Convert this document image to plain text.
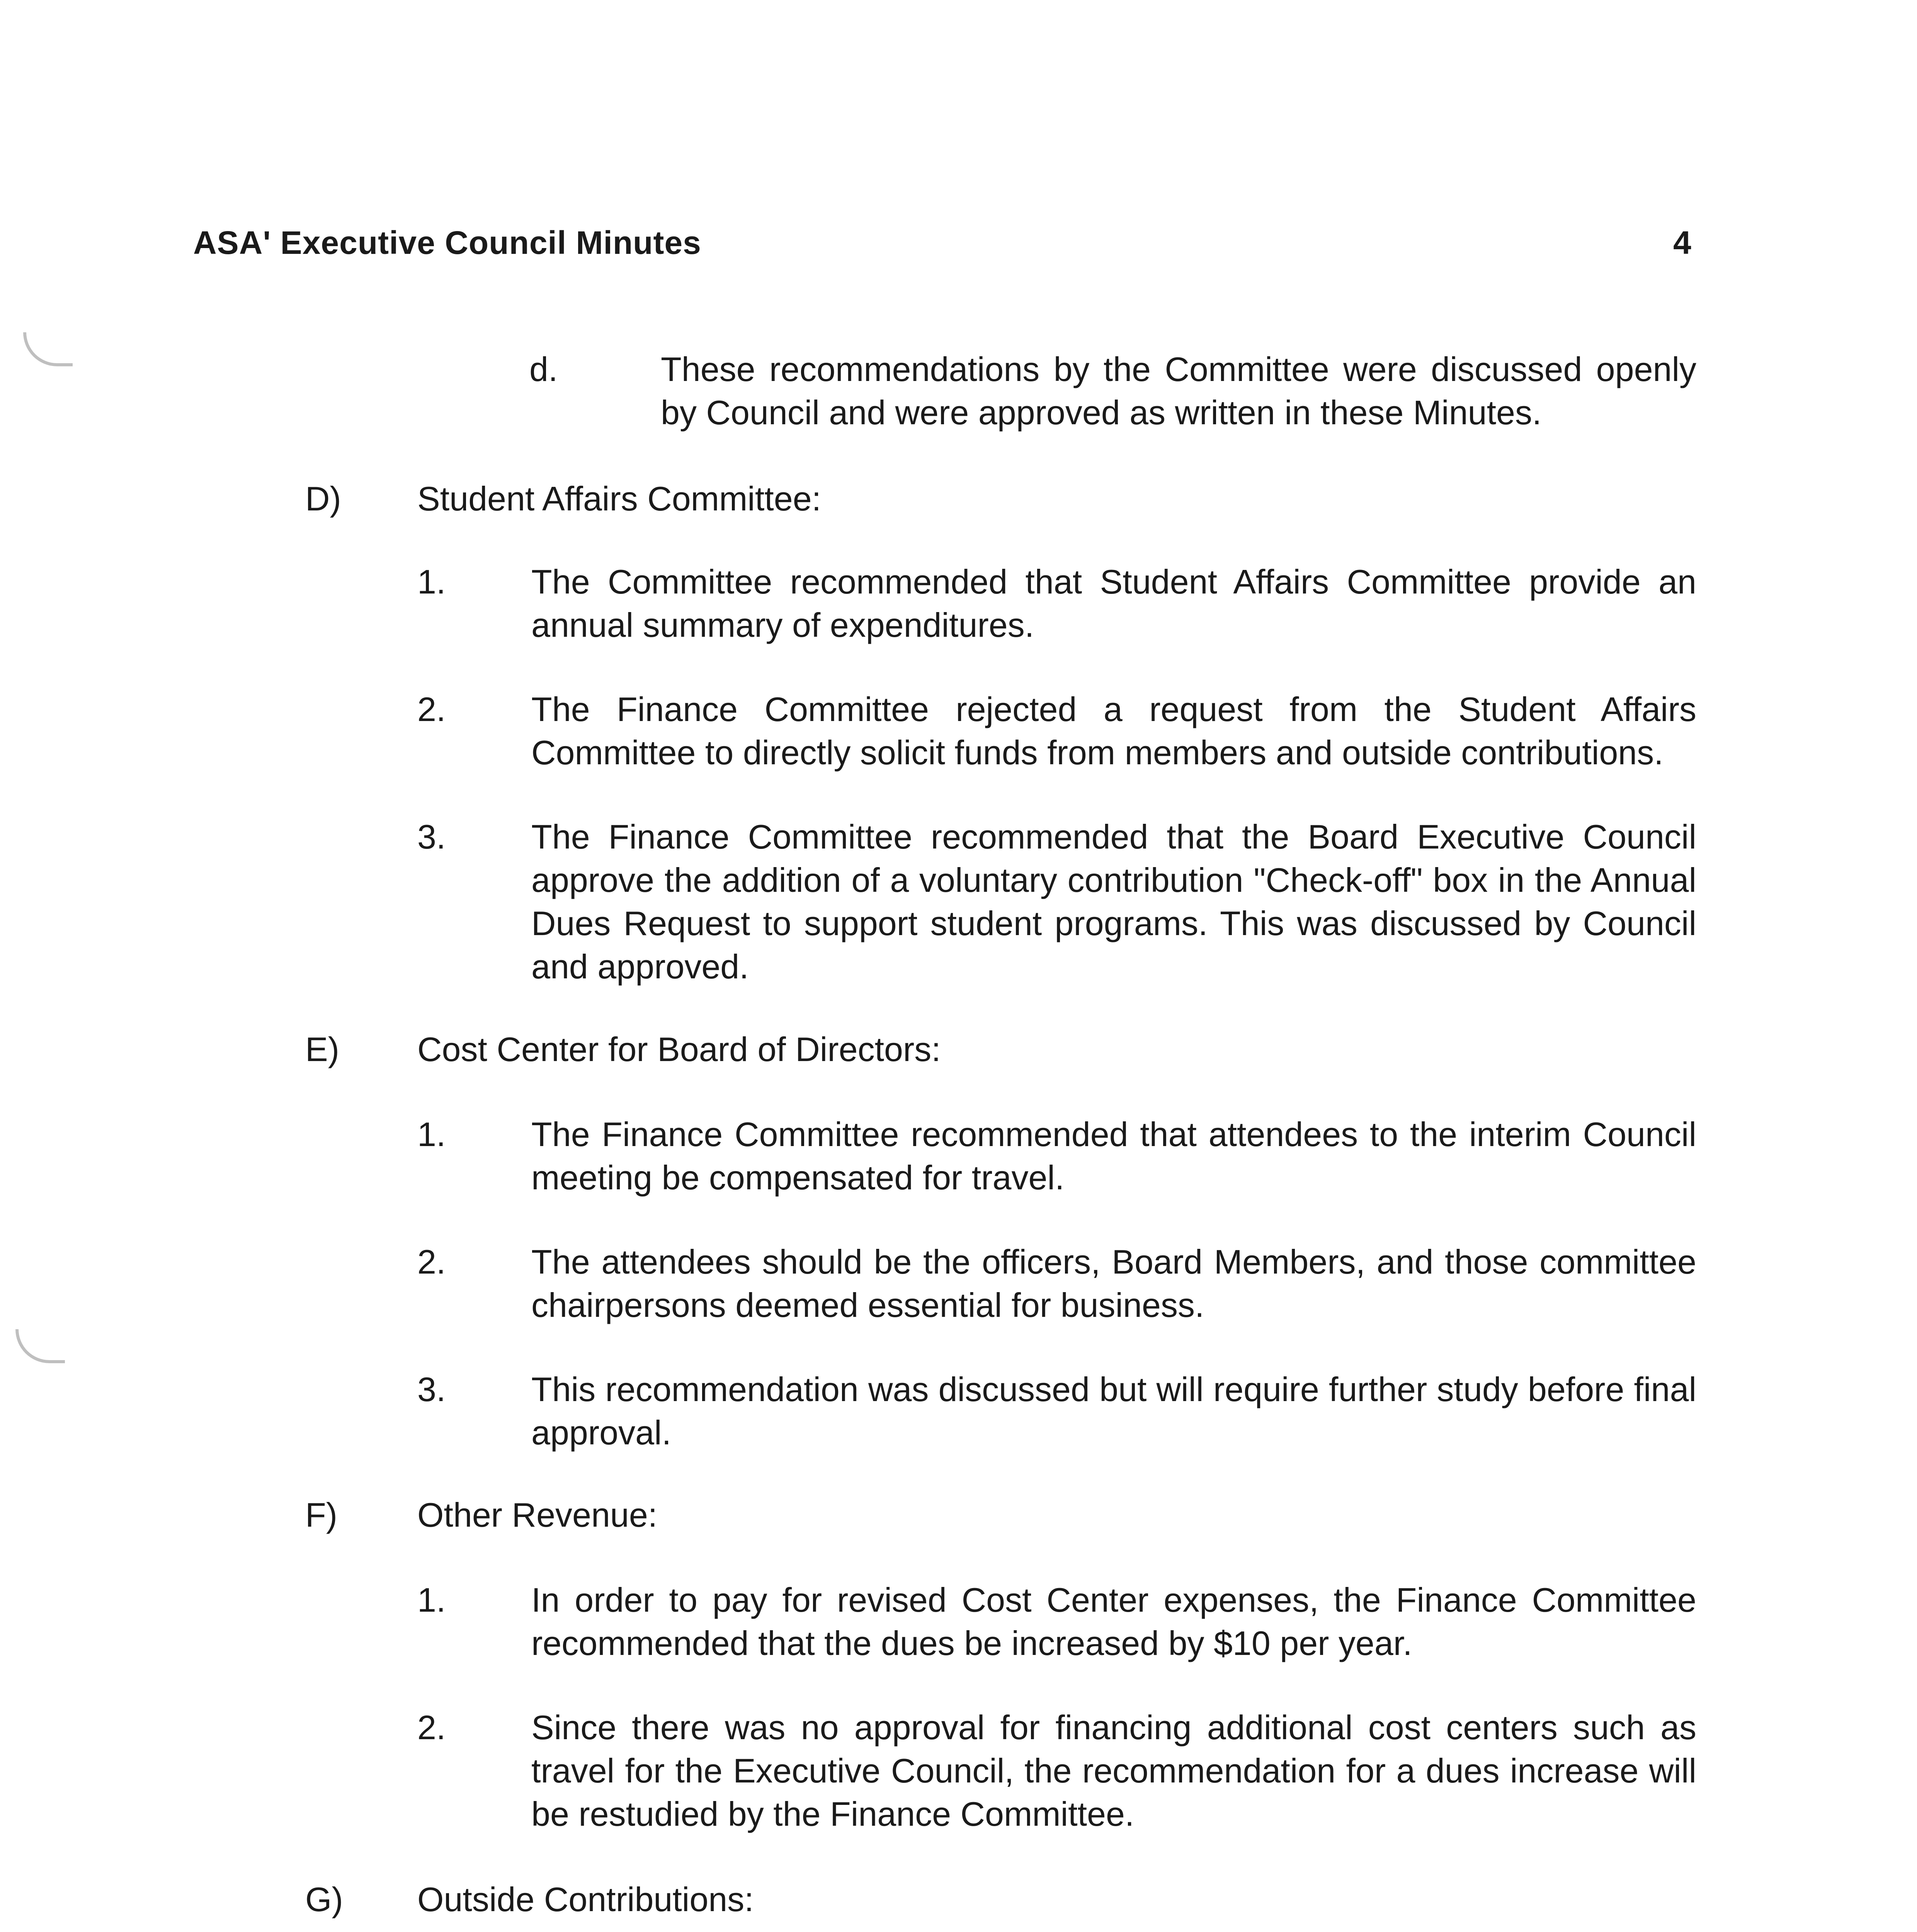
ASA' Executive Council Minutes	4
d.	These recommendations by the Committee were discussed openly by Council and were approved as written in these Minutes.

D) Student Affairs Committee:
1.	The Committee recommended that Student Affairs Committee provide an annual summary of expenditures.

2.	The Finance Committee rejected a request from the Student Affairs Committee to directly solicit funds from members and outside contributions.

3.	The Finance Committee recommended that the Board Executive Council approve the addition of a voluntary contribution "Check-off" box in the Annual Dues Request to support student programs. This was discussed by Council and approved.

E) Cost Center for Board of Directors:
1.	The Finance Committee recommended that attendees to the interim Council meeting be compensated for travel.

2.	The attendees should be the officers, Board Members, and those committee chairpersons deemed essential for business.

3.	This recommendation was discussed but will require further study before final approval.

F) Other Revenue:
1.	In order to pay for revised Cost Center expenses, the Finance Committee recommended that the dues be increased by $10 per year.

2.	Since there was no approval for financing additional cost centers such as travel for the Executive Council, the recommendation for a dues increase will be restudied by the Finance Committee.

G) Outside Contributions:
